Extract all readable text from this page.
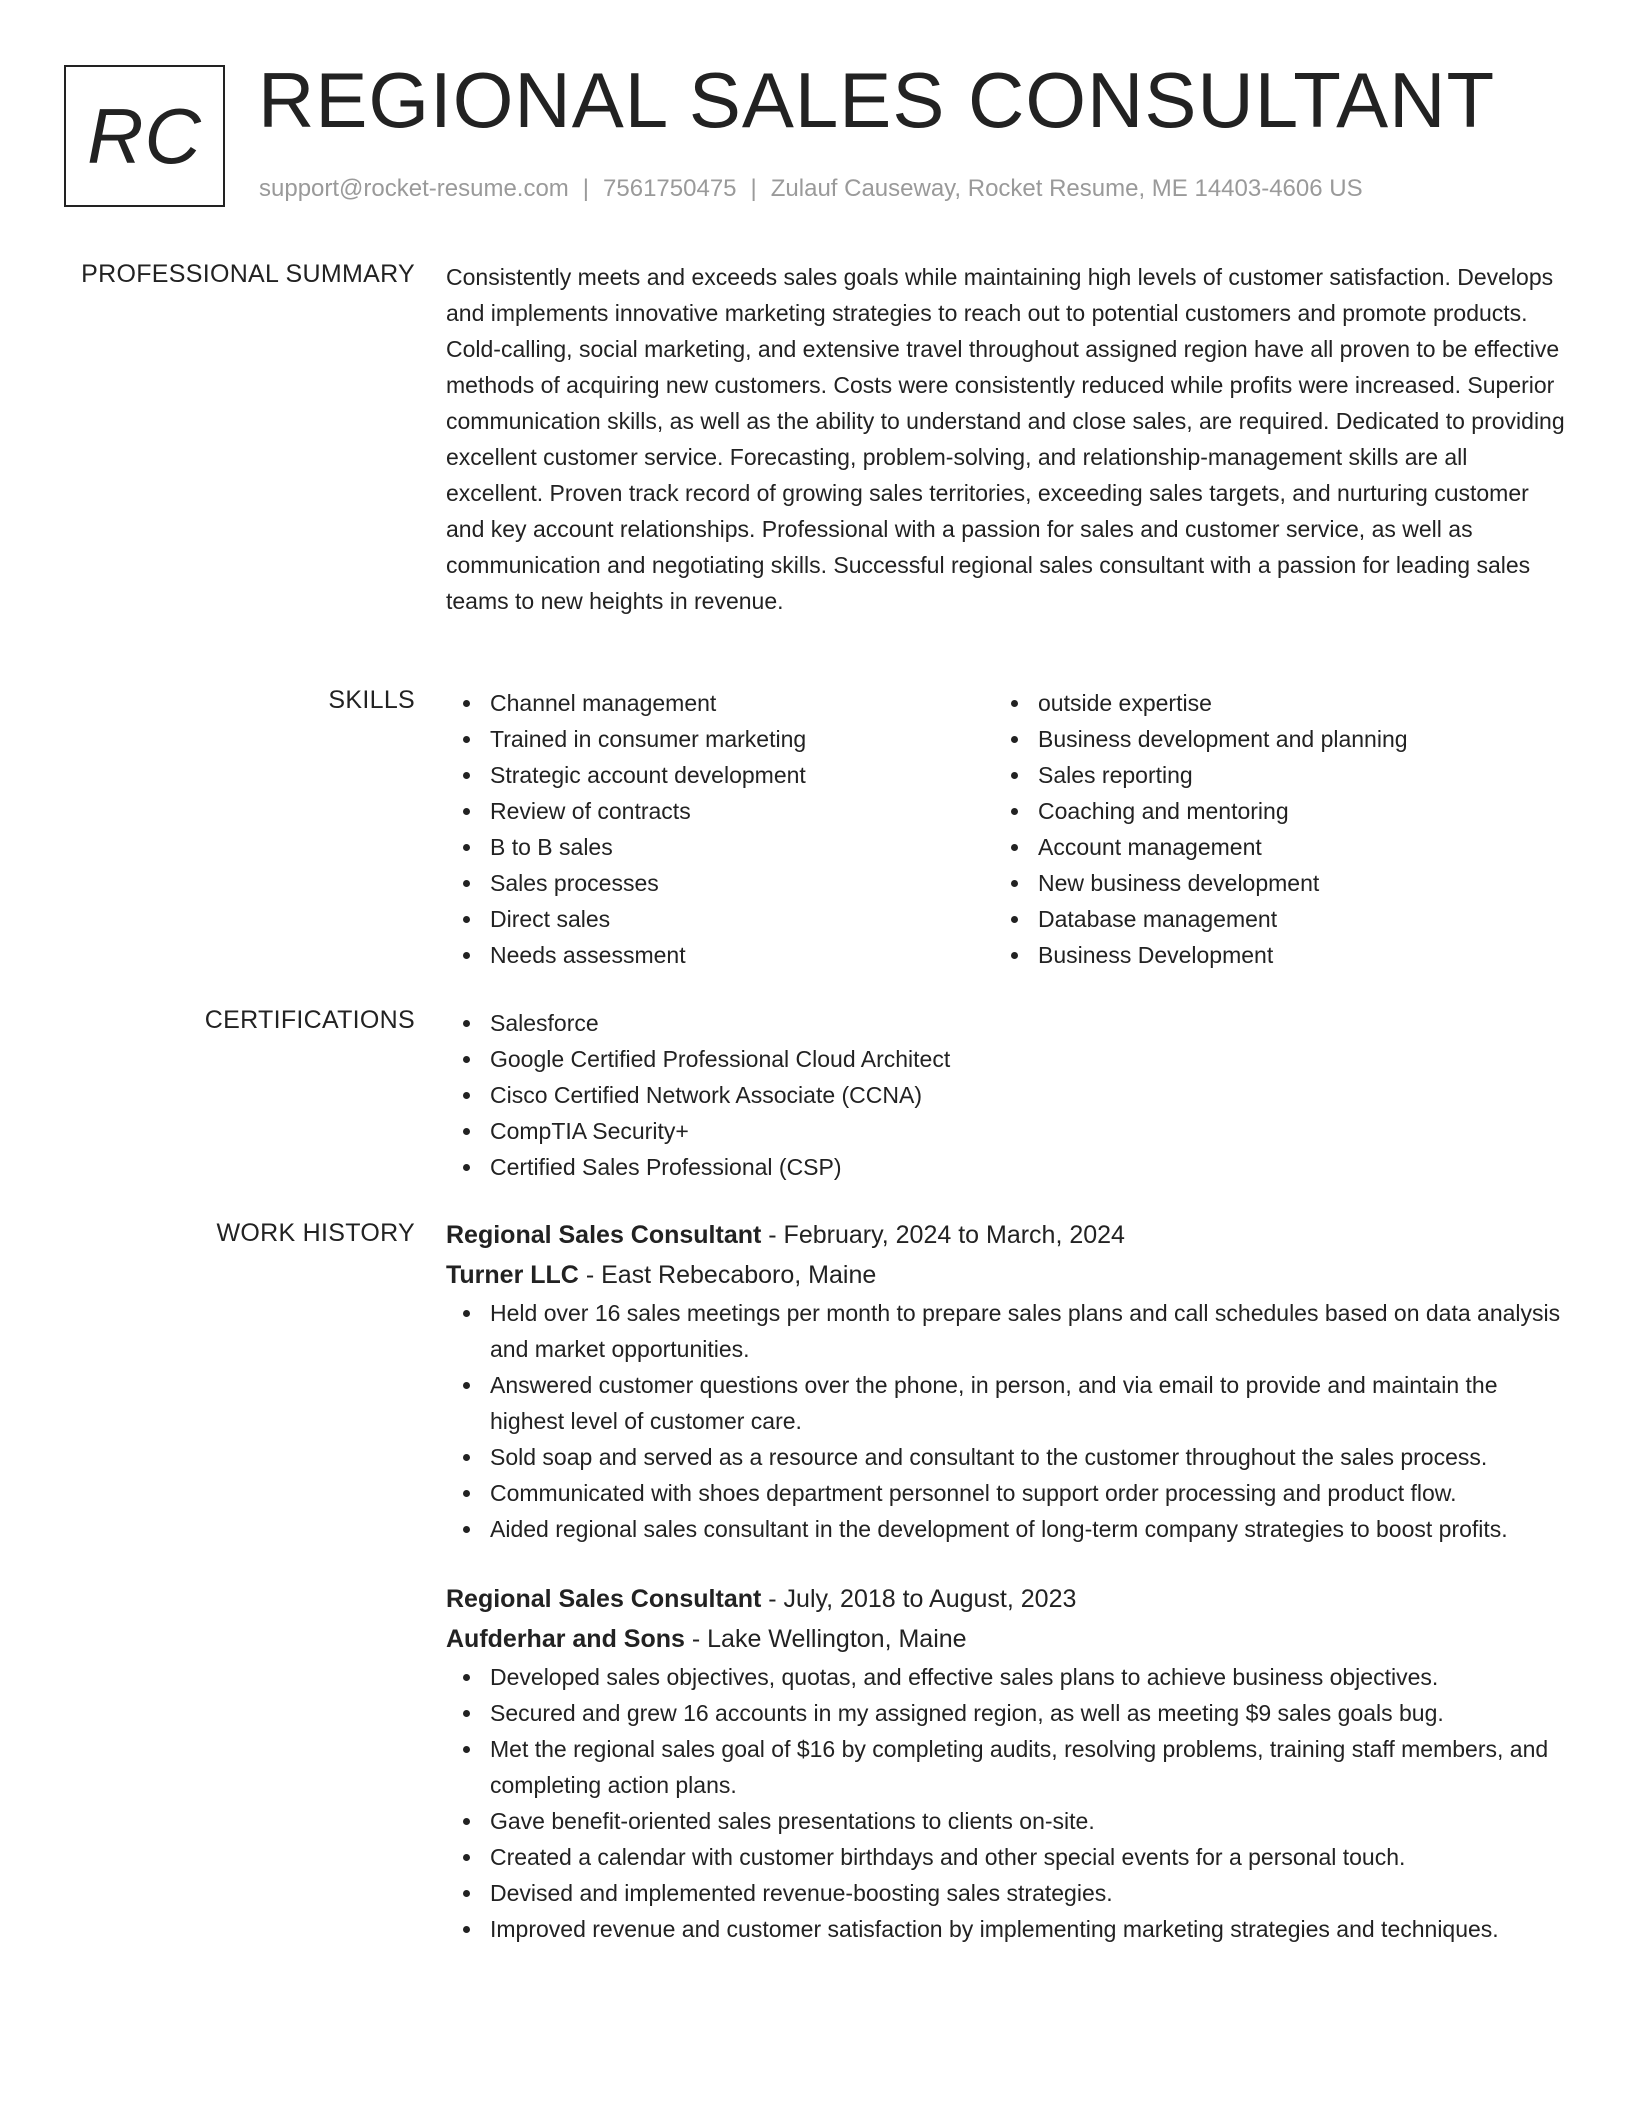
RC REGIONAL SALES CONSULTANT
support@rocket-resume.com | 7561750475 | Zulauf Causeway, Rocket Resume, ME 14403-4606 US
PROFESSIONAL SUMMARY Consistently meets and exceeds sales goals while maintaining high levels of customer satisfaction. Develops and implements innovative marketing strategies to reach out to potential customers and promote products. Cold-calling, social marketing, and extensive travel throughout assigned region have all proven to be effective methods of acquiring new customers. Costs were consistently reduced while profits were increased. Superior communication skills, as well as the ability to understand and close sales, are required. Dedicated to providing excellent customer service. Forecasting, problem-solving, and relationship-management skills are all excellent. Proven track record of growing sales territories, exceeding sales targets, and nurturing customer and key account relationships. Professional with a passion for sales and customer service, as well as communication and negotiating skills. Successful regional sales consultant with a passion for leading sales teams to new heights in revenue.

SKILLS	Channel management
Trained in consumer marketing
Strategic account development
Review of contracts
B to B sales
Sales processes
Direct sales
Needs assessment
outside expertise
Business development and planning
Sales reporting
Coaching and mentoring
Account management
New business development
Database management
Business Development
CERTIFICATIONS	Salesforce
Google Certified Professional Cloud Architect
Cisco Certified Network Associate (CCNA)
CompTIA Security+
Certified Sales Professional (CSP)
WORK HISTORY Regional Sales Consultant - February, 2024 to March, 2024
Turner LLC - East Rebecaboro, Maine
Held over 16 sales meetings per month to prepare sales plans and call schedules based on data analysis and market opportunities.
Answered customer questions over the phone, in person, and via email to provide and maintain the highest level of customer care.
Sold soap and served as a resource and consultant to the customer throughout the sales process.
Communicated with shoes department personnel to support order processing and product flow.
Aided regional sales consultant in the development of long-term company strategies to boost profits.
Regional Sales Consultant - July, 2018 to August, 2023
Aufderhar and Sons - Lake Wellington, Maine
Developed sales objectives, quotas, and effective sales plans to achieve business objectives.
Secured and grew 16 accounts in my assigned region, as well as meeting $9 sales goals bug.
Met the regional sales goal of $16 by completing audits, resolving problems, training staff members, and completing action plans.
Gave benefit-oriented sales presentations to clients on-site.
Created a calendar with customer birthdays and other special events for a personal touch.
Devised and implemented revenue-boosting sales strategies.
Improved revenue and customer satisfaction by implementing marketing strategies and techniques.
